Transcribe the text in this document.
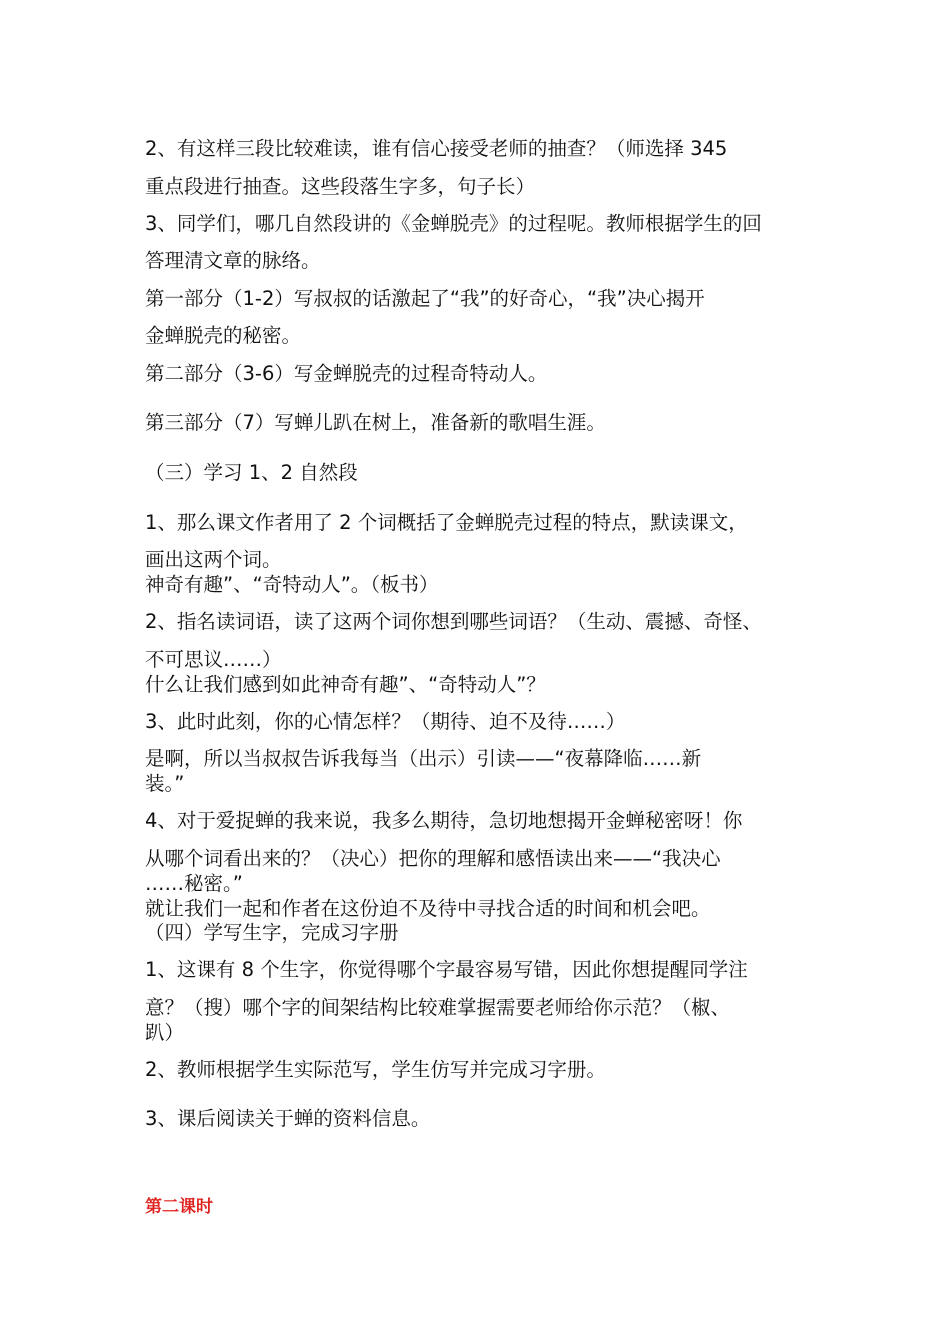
2、有这样三段比较难读，谁有信心接受老师的抽查？（师选择 345
重点段进行抽查。这些段落生字多，句子长）
3、同学们，哪几自然段讲的《金蝉脱壳》的过程呢。教师根据学生的回
答理清文章的脉络。
第一部分（1-2）写叔叔的话激起了“我”的好奇心，“我”决心揭开
金蝉脱壳的秘密。
第二部分（3-6）写金蝉脱壳的过程奇特动人。
第三部分（7）写蝉儿趴在树上，准备新的歌唱生涯。
（三）学习 1、2 自然段
1、那么课文作者用了 2 个词概括了金蝉脱壳过程的特点，默读课文，
画出这两个词。
神奇有趣”、“奇特动人”。（板书）
2、指名读词语，读了这两个词你想到哪些词语？（生动、震撼、奇怪、
不可思议……）
什么让我们感到如此神奇有趣”、“奇特动人”？
3、此时此刻，你的心情怎样？（期待、迫不及待……）
是啊，所以当叔叔告诉我每当（出示）引读——“夜幕降临……新
装。”
4、对于爱捉蝉的我来说，我多么期待，急切地想揭开金蝉秘密呀！你
从哪个词看出来的？（决心）把你的理解和感悟读出来——“我决心
……秘密。”
就让我们一起和作者在这份迫不及待中寻找合适的时间和机会吧。
（四）学写生字，完成习字册
1、这课有 8 个生字，你觉得哪个字最容易写错，因此你想提醒同学注
意？（搜）哪个字的间架结构比较难掌握需要老师给你示范？（椒、
趴）
2、教师根据学生实际范写，学生仿写并完成习字册。
3、课后阅读关于蝉的资料信息。
第二课时
